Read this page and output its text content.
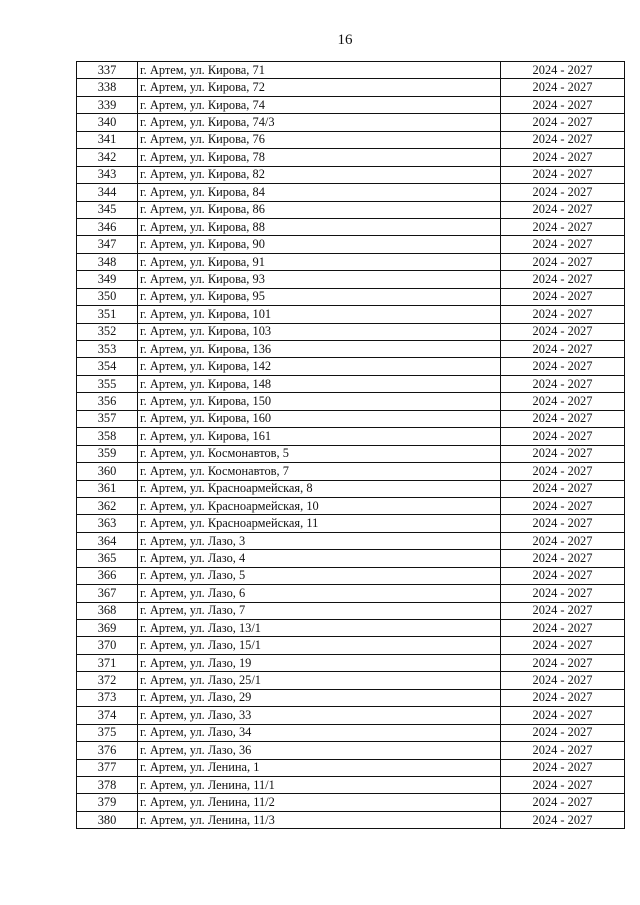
16
337	г. Артем, ул. Кирова, 71	2024 - 2027
338	г. Артем, ул. Кирова, 72	2024 - 2027
339	г. Артем, ул. Кирова, 74	2024 - 2027
340	г. Артем, ул. Кирова, 74/3	2024 - 2027
341	г. Артем, ул. Кирова, 76	2024 - 2027
342	г. Артем, ул. Кирова, 78	2024 - 2027
343	г. Артем, ул. Кирова, 82	2024 - 2027
344	г. Артем, ул. Кирова, 84	2024 - 2027
345	г. Артем, ул. Кирова, 86	2024 - 2027
346	г. Артем, ул. Кирова, 88	2024 - 2027
347	г. Артем, ул. Кирова, 90	2024 - 2027
348	г. Артем, ул. Кирова, 91	2024 - 2027
349	г. Артем, ул. Кирова, 93	2024 - 2027
350	г. Артем, ул. Кирова, 95	2024 - 2027
351	г. Артем, ул. Кирова, 101	2024 - 2027
352	г. Артем, ул. Кирова, 103	2024 - 2027
353	г. Артем, ул. Кирова, 136	2024 - 2027
354	г. Артем, ул. Кирова, 142	2024 - 2027
355	г. Артем, ул. Кирова, 148	2024 - 2027
356	г. Артем, ул. Кирова, 150	2024 - 2027
357	г. Артем, ул. Кирова, 160	2024 - 2027
358	г. Артем, ул. Кирова, 161	2024 - 2027
359	г. Артем, ул. Космонавтов, 5	2024 - 2027
360	г. Артем, ул. Космонавтов, 7	2024 - 2027
361	г. Артем, ул. Красноармейская, 8	2024 - 2027
362	г. Артем, ул. Красноармейская, 10	2024 - 2027
363	г. Артем, ул. Красноармейская, 11	2024 - 2027
364	г. Артем, ул. Лазо, 3	2024 - 2027
365	г. Артем, ул. Лазо, 4	2024 - 2027
366	г. Артем, ул. Лазо, 5	2024 - 2027
367	г. Артем, ул. Лазо, 6	2024 - 2027
368	г. Артем, ул. Лазо, 7	2024 - 2027
369	г. Артем, ул. Лазо, 13/1	2024 - 2027
370	г. Артем, ул. Лазо, 15/1	2024 - 2027
371	г. Артем, ул. Лазо, 19	2024 - 2027
372	г. Артем, ул. Лазо, 25/1	2024 - 2027
373	г. Артем, ул. Лазо, 29	2024 - 2027
374	г. Артем, ул. Лазо, 33	2024 - 2027
375	г. Артем, ул. Лазо, 34	2024 - 2027
376	г. Артем, ул. Лазо, 36	2024 - 2027
377	г. Артем, ул. Ленина, 1	2024 - 2027
378	г. Артем, ул. Ленина, 11/1	2024 - 2027
379	г. Артем, ул. Ленина, 11/2	2024 - 2027
380	г. Артем, ул. Ленина, 11/3	2024 - 2027
